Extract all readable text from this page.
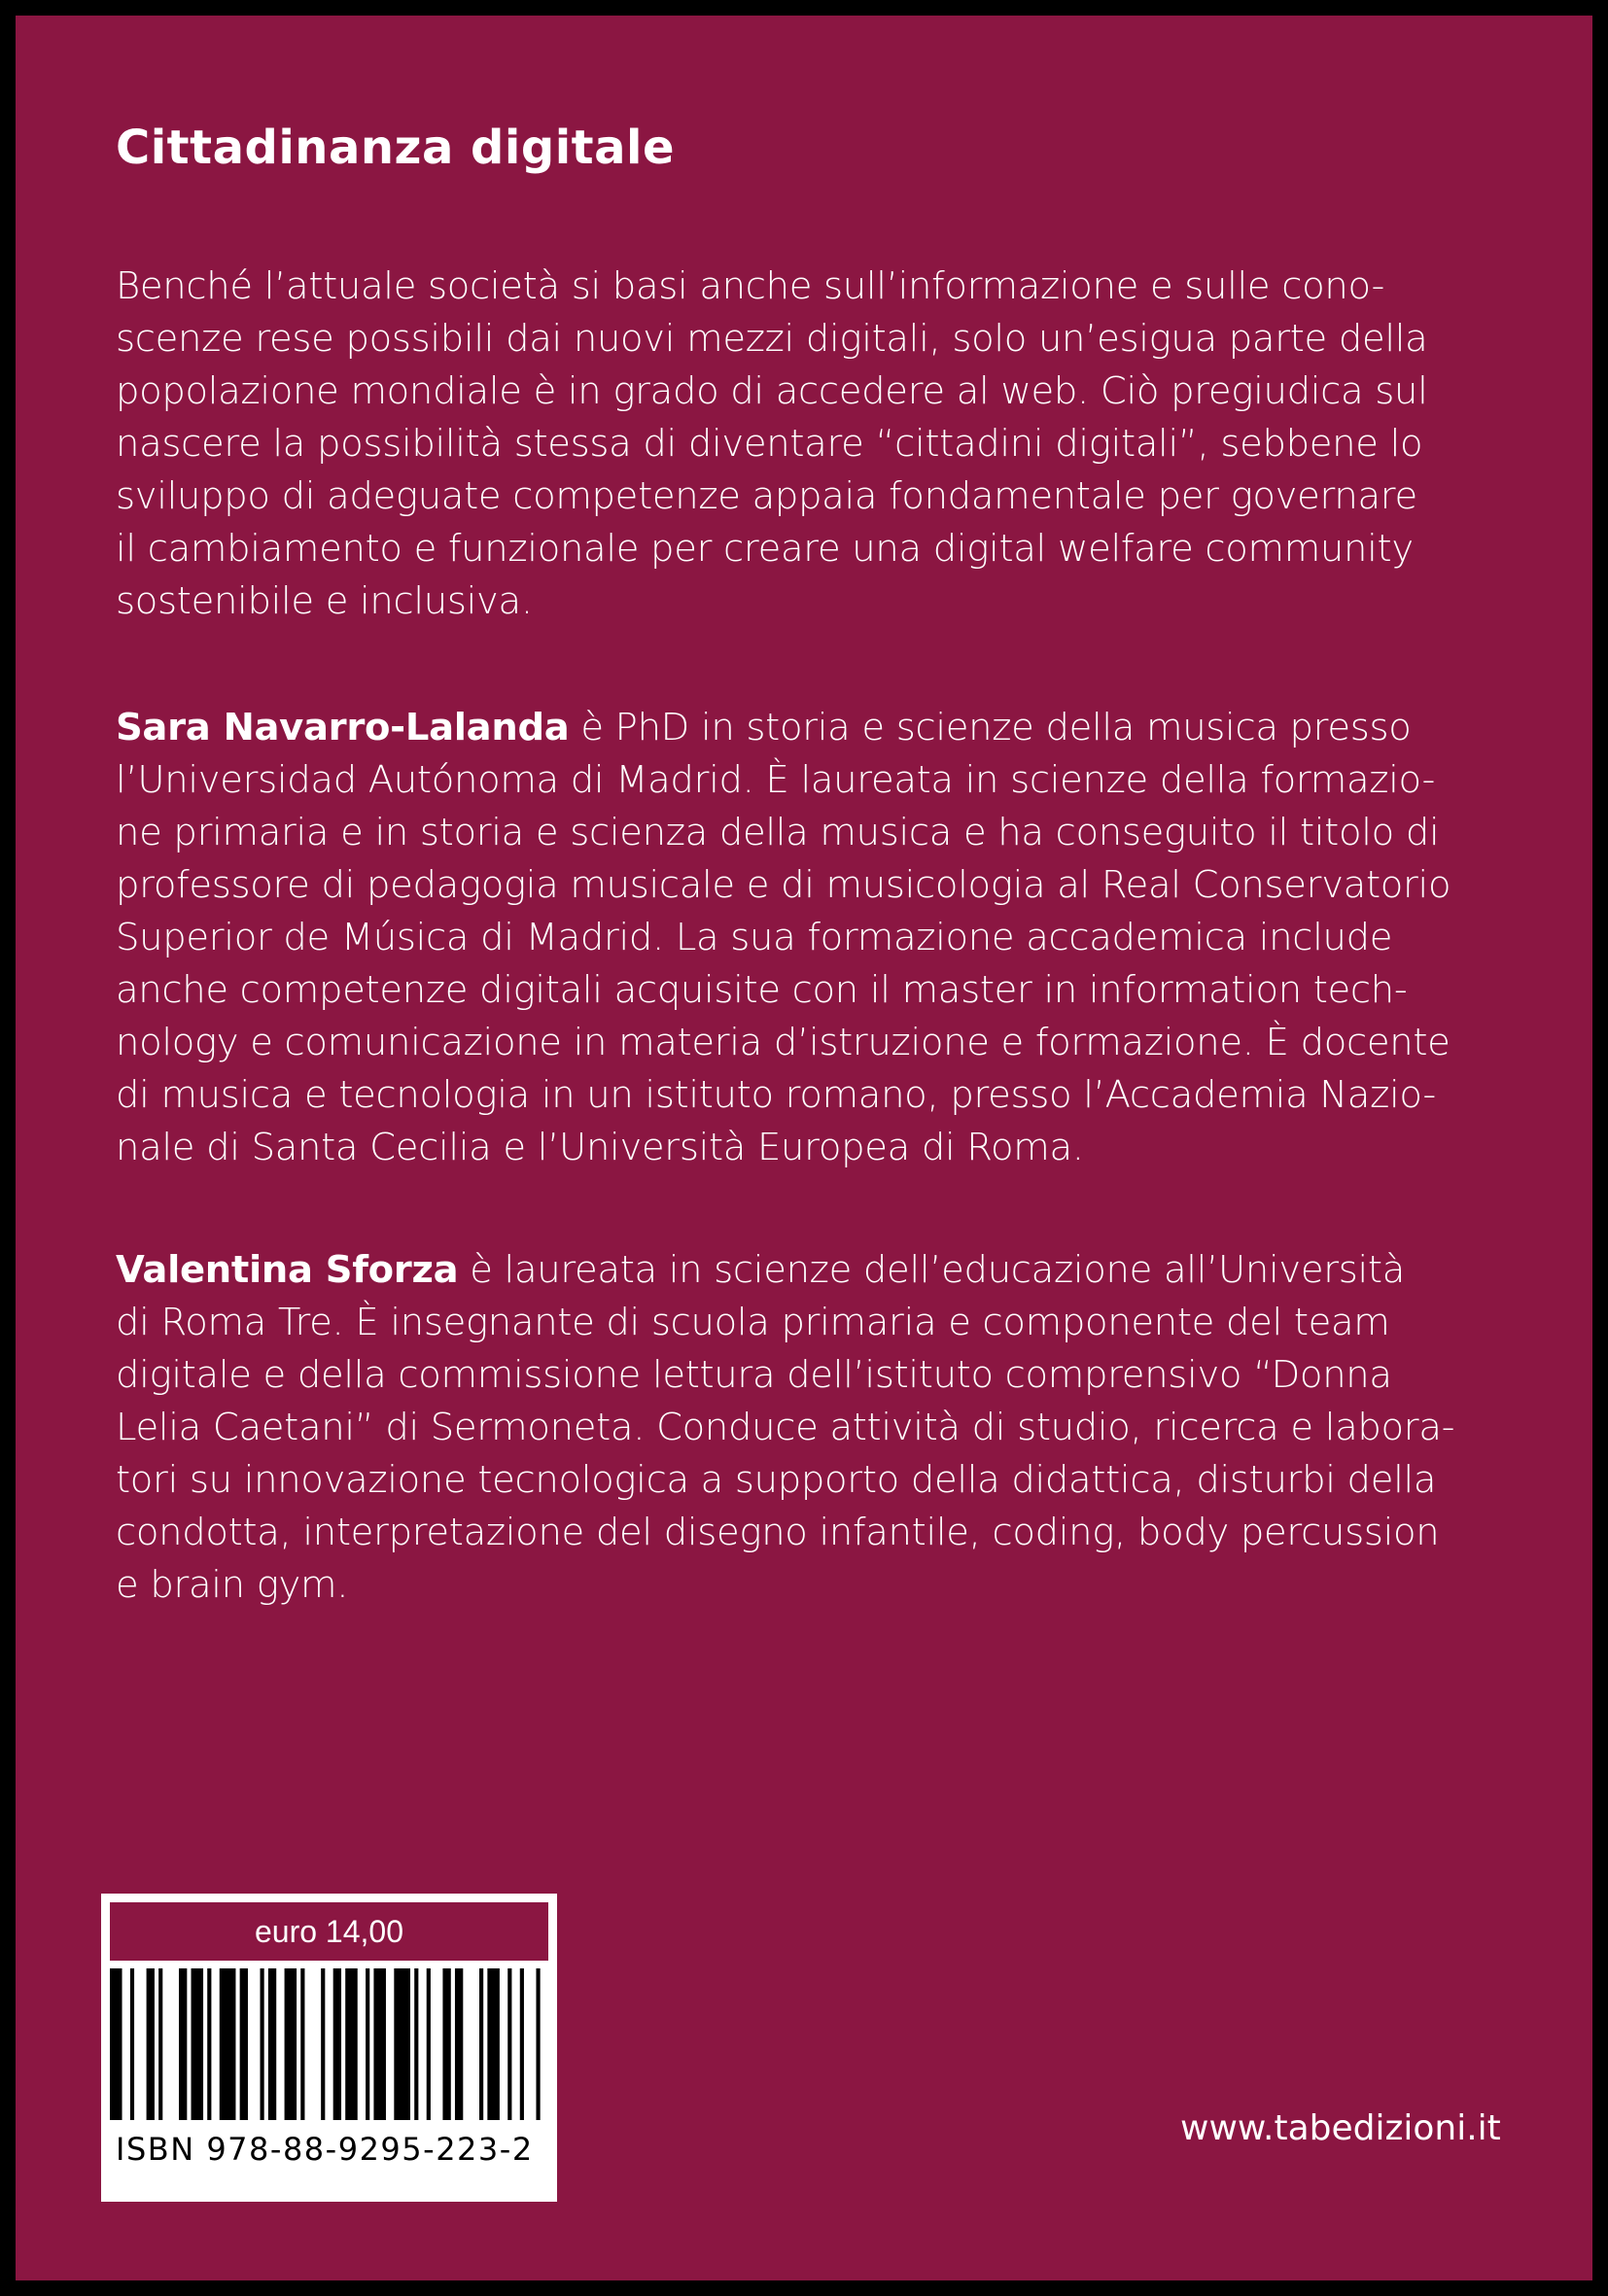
Cittadinanza digitale

Benché l’attuale società si basi anche sull’informazione e sulle cono-
scenze rese possibili dai nuovi mezzi digitali, solo un’esigua parte della
popolazione mondiale è in grado di accedere al web. Ciò pregiudica sul
nascere la possibilità stessa di diventare “cittadini digitali”, sebbene lo
sviluppo di adeguate competenze appaia fondamentale per governare
il cambiamento e funzionale per creare una digital welfare community
sostenibile e inclusiva.

Sara Navarro-Lalanda è PhD in storia e scienze della musica presso
l’Universidad Autónoma di Madrid. È laureata in scienze della formazio-
ne primaria e in storia e scienza della musica e ha conseguito il titolo di
professore di pedagogia musicale e di musicologia al Real Conservatorio
Superior de Música di Madrid. La sua formazione accademica include
anche competenze digitali acquisite con il master in information tech-
nology e comunicazione in materia d’istruzione e formazione. È docente
di musica e tecnologia in un istituto romano, presso l’Accademia Nazio-
nale di Santa Cecilia e l’Università Europea di Roma.

Valentina Sforza è laureata in scienze dell’educazione all’Università
di Roma Tre. È insegnante di scuola primaria e componente del team
digitale e della commissione lettura dell’istituto comprensivo “Donna
Lelia Caetani” di Sermoneta. Conduce attività di studio, ricerca e labora-
tori su innovazione tecnologica a supporto della didattica, disturbi della
condotta, interpretazione del disegno infantile, coding, body percussion
e brain gym.

euro 14,00
ISBN 978-88-9295-223-2
www.tabedizioni.it
